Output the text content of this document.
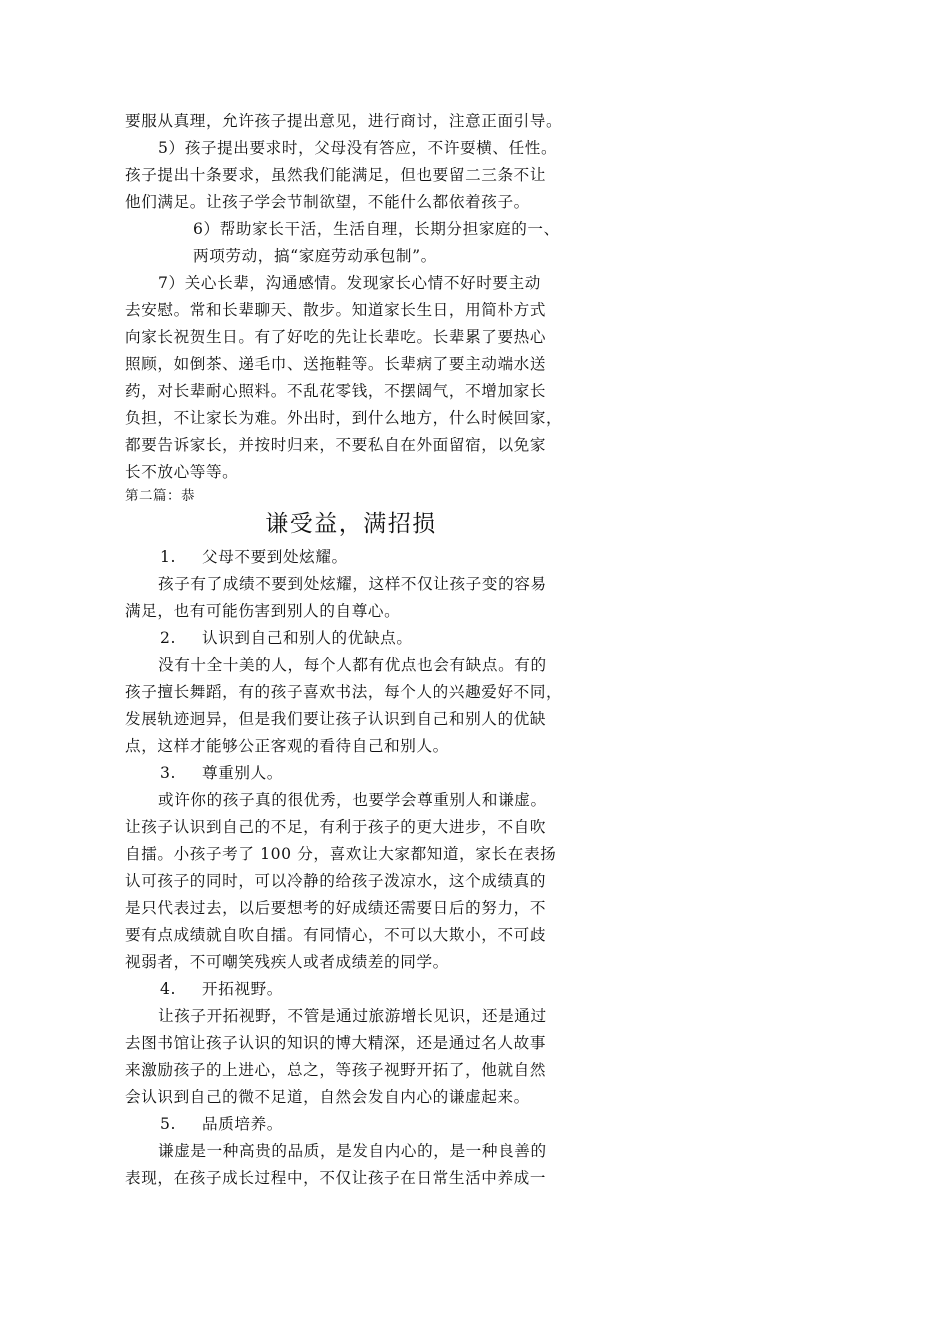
要服从真理，允许孩子提出意见，进行商讨，注意正面引导。
5）孩子提出要求时，父母没有答应，不许耍横、任性。
孩子提出十条要求，虽然我们能满足，但也要留二三条不让
他们满足。让孩子学会节制欲望，不能什么都依着孩子。
6）帮助家长干活，生活自理，长期分担家庭的一、
两项劳动，搞“家庭劳动承包制”。
7）关心长辈，沟通感情。发现家长心情不好时要主动
去安慰。常和长辈聊天、散步。知道家长生日，用简朴方式
向家长祝贺生日。有了好吃的先让长辈吃。长辈累了要热心
照顾，如倒茶、递毛巾、送拖鞋等。长辈病了要主动端水送
药，对长辈耐心照料。不乱花零钱，不摆阔气，不增加家长
负担，不让家长为难。外出时，到什么地方，什么时候回家，
都要告诉家长，并按时归来，不要私自在外面留宿，以免家
长不放心等等。
第二篇：恭
谦受益，满招损
1. 父母不要到处炫耀。
孩子有了成绩不要到处炫耀，这样不仅让孩子变的容易
满足，也有可能伤害到别人的自尊心。
2. 认识到自己和别人的优缺点。
没有十全十美的人，每个人都有优点也会有缺点。有的
孩子擅长舞蹈，有的孩子喜欢书法，每个人的兴趣爱好不同，
发展轨迹迥异，但是我们要让孩子认识到自己和别人的优缺
点，这样才能够公正客观的看待自己和别人。
3. 尊重别人。
或许你的孩子真的很优秀，也要学会尊重别人和谦虚。
让孩子认识到自己的不足，有利于孩子的更大进步，不自吹
自擂。小孩子考了 100 分，喜欢让大家都知道，家长在表扬
认可孩子的同时，可以冷静的给孩子泼凉水，这个成绩真的
是只代表过去，以后要想考的好成绩还需要日后的努力，不
要有点成绩就自吹自擂。有同情心，不可以大欺小，不可歧
视弱者，不可嘲笑残疾人或者成绩差的同学。
4. 开拓视野。
让孩子开拓视野，不管是通过旅游增长见识，还是通过
去图书馆让孩子认识的知识的博大精深，还是通过名人故事
来激励孩子的上进心，总之，等孩子视野开拓了，他就自然
会认识到自己的微不足道，自然会发自内心的谦虚起来。
5. 品质培养。
谦虚是一种高贵的品质，是发自内心的，是一种良善的
表现，在孩子成长过程中，不仅让孩子在日常生活中养成一
